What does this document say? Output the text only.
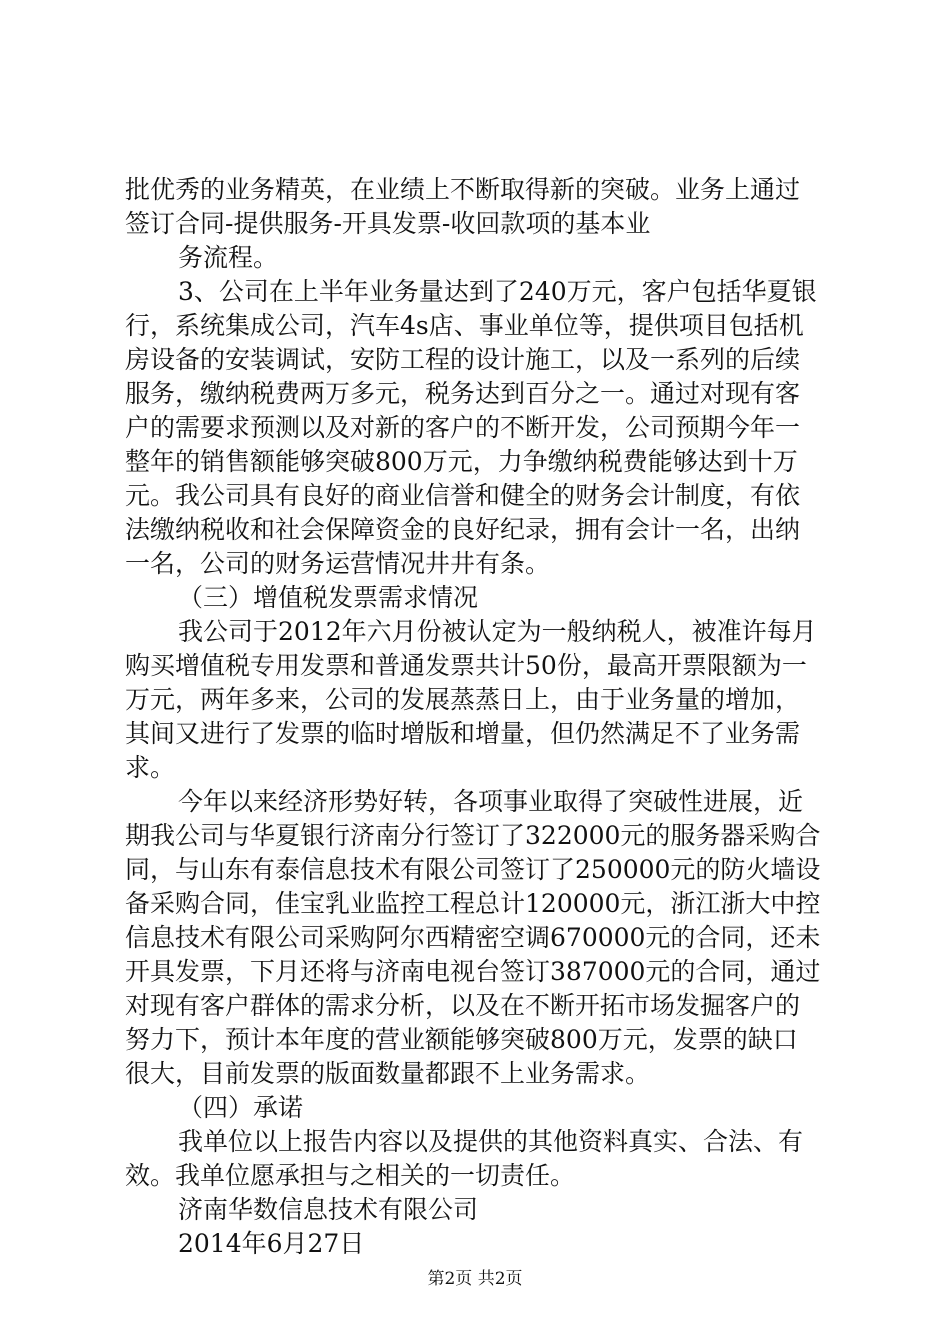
批优秀的业务精英，在业绩上不断取得新的突破。业务上通过
签订合同-提供服务-开具发票-收回款项的基本业
务流程。
3、公司在上半年业务量达到了240万元，客户包括华夏银
行，系统集成公司，汽车4s店、事业单位等，提供项目包括机
房设备的安装调试，安防工程的设计施工，以及一系列的后续
服务，缴纳税费两万多元，税务达到百分之一。通过对现有客
户的需要求预测以及对新的客户的不断开发，公司预期今年一
整年的销售额能够突破800万元，力争缴纳税费能够达到十万
元。我公司具有良好的商业信誉和健全的财务会计制度，有依
法缴纳税收和社会保障资金的良好纪录，拥有会计一名，出纳
一名，公司的财务运营情况井井有条。
（三）增值税发票需求情况
我公司于2012年六月份被认定为一般纳税人，被准许每月
购买增值税专用发票和普通发票共计50份，最高开票限额为一
万元，两年多来，公司的发展蒸蒸日上，由于业务量的增加，
其间又进行了发票的临时增版和增量，但仍然满足不了业务需
求。
今年以来经济形势好转，各项事业取得了突破性进展，近
期我公司与华夏银行济南分行签订了322000元的服务器采购合
同，与山东有泰信息技术有限公司签订了250000元的防火墙设
备采购合同，佳宝乳业监控工程总计120000元，浙江浙大中控
信息技术有限公司采购阿尔西精密空调670000元的合同，还未
开具发票，下月还将与济南电视台签订387000元的合同，通过
对现有客户群体的需求分析，以及在不断开拓市场发掘客户的
努力下，预计本年度的营业额能够突破800万元，发票的缺口
很大，目前发票的版面数量都跟不上业务需求。
（四）承诺
我单位以上报告内容以及提供的其他资料真实、合法、有
效。我单位愿承担与之相关的一切责任。
济南华数信息技术有限公司
2014年6月27日
第2页 共2页
